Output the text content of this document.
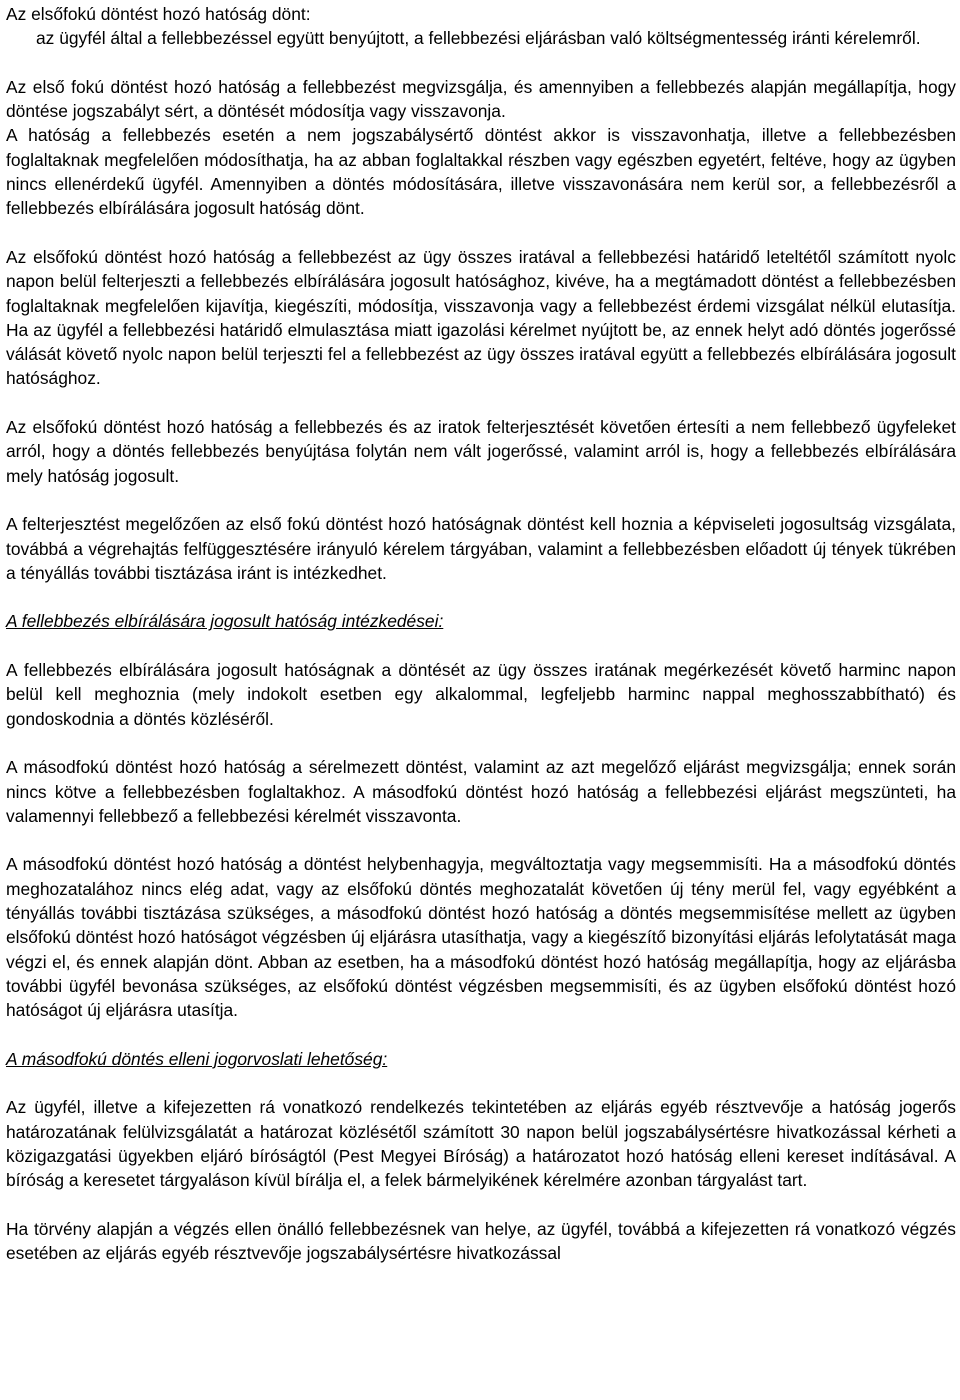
Az elsőfokú döntést hozó hatóság dönt:
az ügyfél által a fellebbezéssel együtt benyújtott, a fellebbezési eljárásban való költségmentesség iránti kérelemről.

Az első fokú döntést hozó hatóság a fellebbezést megvizsgálja, és amennyiben a fellebbezés alapján megállapítja, hogy döntése jogszabályt sért, a döntését módosítja vagy visszavonja.

A hatóság a fellebbezés esetén a nem jogszabálysértő döntést akkor is visszavonhatja, illetve a fellebbezésben foglaltaknak megfelelően módosíthatja, ha az abban foglaltakkal részben vagy egészben egyetért, feltéve, hogy az ügyben nincs ellenérdekű ügyfél. Amennyiben a döntés módosítására, illetve visszavonására nem kerül sor, a fellebbezésről a fellebbezés elbírálására jogosult hatóság dönt.

Az elsőfokú döntést hozó hatóság a fellebbezést az ügy összes iratával a fellebbezési határidő leteltétől számított nyolc napon belül felterjeszti a fellebbezés elbírálására jogosult hatósághoz, kivéve, ha a megtámadott döntést a fellebbezésben foglaltaknak megfelelően kijavítja, kiegészíti, módosítja, visszavonja vagy a fellebbezést érdemi vizsgálat nélkül elutasítja. Ha az ügyfél a fellebbezési határidő elmulasztása miatt igazolási kérelmet nyújtott be, az ennek helyt adó döntés jogerőssé válását követő nyolc napon belül terjeszti fel a fellebbezést az ügy összes iratával együtt a fellebbezés elbírálására jogosult hatósághoz.

Az elsőfokú döntést hozó hatóság a fellebbezés és az iratok felterjesztését követően értesíti a nem fellebbező ügyfeleket arról, hogy a döntés fellebbezés benyújtása folytán nem vált jogerőssé, valamint arról is, hogy a fellebbezés elbírálására mely hatóság jogosult.

A felterjesztést megelőzően az első fokú döntést hozó hatóságnak döntést kell hoznia a képviseleti jogosultság vizsgálata, továbbá a végrehajtás felfüggesztésére irányuló kérelem tárgyában, valamint a fellebbezésben előadott új tények tükrében a tényállás további tisztázása iránt is intézkedhet.

A fellebbezés elbírálására jogosult hatóság intézkedései:

A fellebbezés elbírálására jogosult hatóságnak a döntését az ügy összes iratának megérkezését követő harminc napon belül kell meghoznia (mely indokolt esetben egy alkalommal, legfeljebb harminc nappal meghosszabbítható) és gondoskodnia a döntés közléséről.

A másodfokú döntést hozó hatóság a sérelmezett döntést, valamint az azt megelőző eljárást megvizsgálja; ennek során nincs kötve a fellebbezésben foglaltakhoz. A másodfokú döntést hozó hatóság a fellebbezési eljárást megszünteti, ha valamennyi fellebbező a fellebbezési kérelmét visszavonta.

A másodfokú döntést hozó hatóság a döntést helybenhagyja, megváltoztatja vagy megsemmisíti. Ha a másodfokú döntés meghozatalához nincs elég adat, vagy az elsőfokú döntés meghozatalát követően új tény merül fel, vagy egyébként a tényállás további tisztázása szükséges, a másodfokú döntést hozó hatóság a döntés megsemmisítése mellett az ügyben elsőfokú döntést hozó hatóságot végzésben új eljárásra utasíthatja, vagy a kiegészítő bizonyítási eljárás lefolytatását maga végzi el, és ennek alapján dönt. Abban az esetben, ha a másodfokú döntést hozó hatóság megállapítja, hogy az eljárásba további ügyfél bevonása szükséges, az elsőfokú döntést végzésben megsemmisíti, és az ügyben elsőfokú döntést hozó hatóságot új eljárásra utasítja.

A másodfokú döntés elleni jogorvoslati lehetőség:

Az ügyfél, illetve a kifejezetten rá vonatkozó rendelkezés tekintetében az eljárás egyéb résztvevője a hatóság jogerős határozatának felülvizsgálatát a határozat közlésétől számított 30 napon belül jogszabálysértésre hivatkozással kérheti a közigazgatási ügyekben eljáró bíróságtól (Pest Megyei Bíróság) a határozatot hozó hatóság elleni kereset indításával. A bíróság a keresetet tárgyaláson kívül bírálja el, a felek bármelyikének kérelmére azonban tárgyalást tart.

Ha törvény alapján a végzés ellen önálló fellebbezésnek van helye, az ügyfél, továbbá a kifejezetten rá vonatkozó végzés esetében az eljárás egyéb résztvevője jogszabálysértésre hivatkozással
